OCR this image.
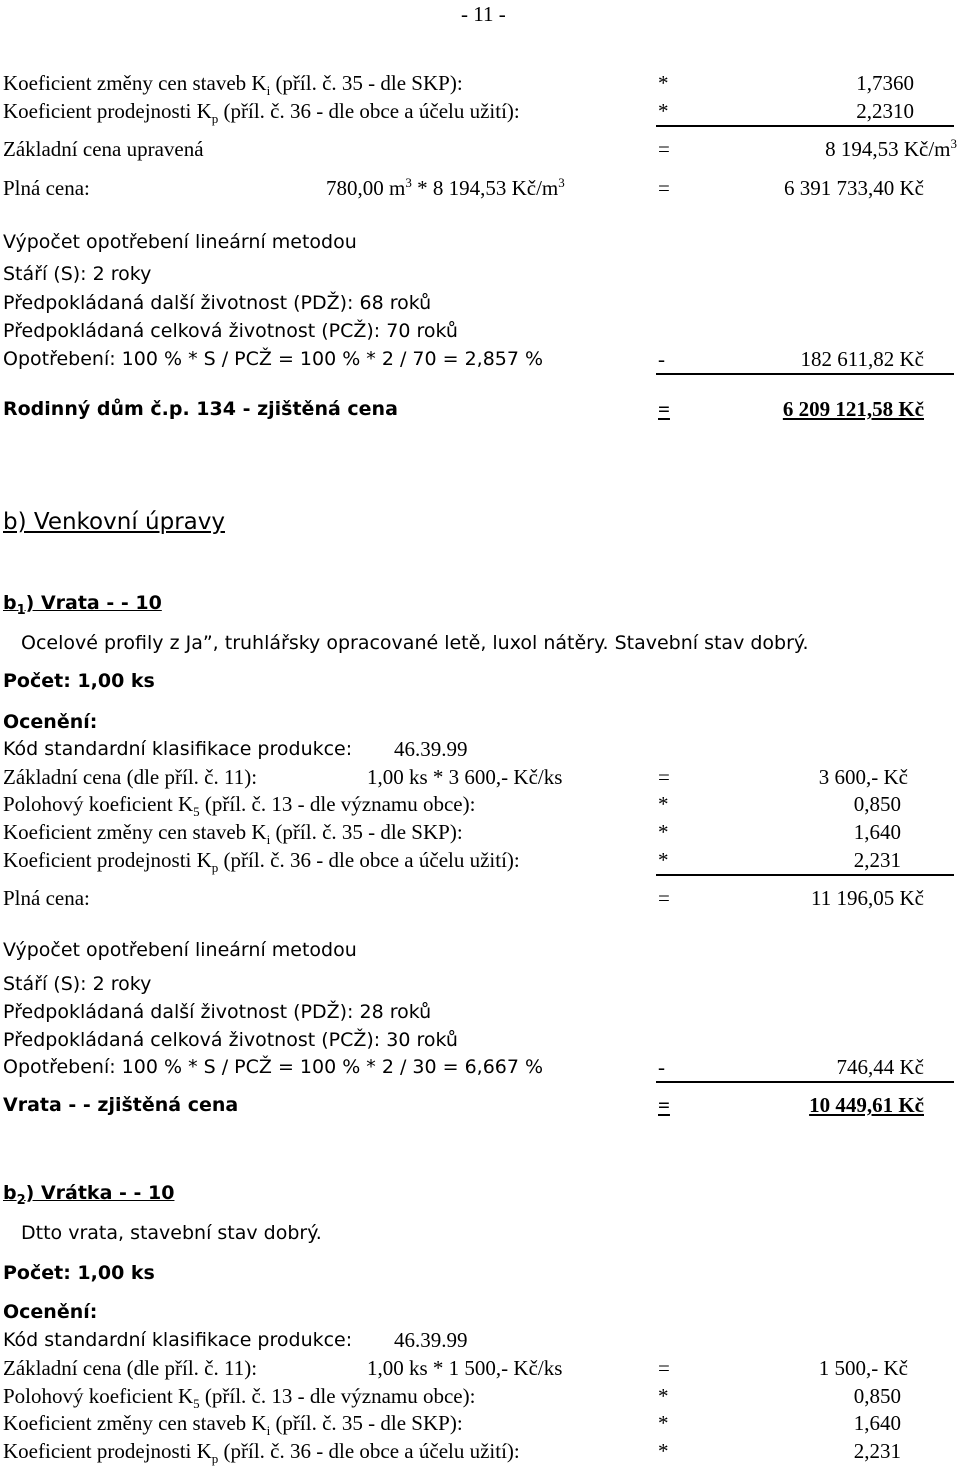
- 11 -
Koeficient změny cen staveb $K_i$ (příl. č. 35 - dle SKP):	*	1,7360
Koeficient prodejnosti $K_p$ (příl. č. 36 - dle obce a účelu užití):	*	2,2310
Základní cena upravená	=	8 194,53 $Kč/m^3$
Plná cena:	780,00 $m^3 * 8$ 194,53 $Kč/m^3$	=	6 391 733,40 Kč
Výpočet opotřebení lineární metodou
Stáří (S): 2 roky
Předpokládaná další životnost (PDŽ): 68 roků
Předpokládaná celková životnost (PCŽ): 70 roků
Opotřebení: 100 % * S / PCŽ = 100 % * 2 / 70 = 2,857 %	-	182 611,82 Kč
Rodinný dům č.p. 134 - zjištěná cena	=	6 209 121,58 Kč
b) Venkovní úpravy
$b_1$) Vrata - - 10
Ocelové profily z Ja”, truhlářsky opracované letě, luxol nátěry. Stavební stav dobrý.
Počet: 1,00 ks
Ocenění:
Kód standardní klasifikace produkce: 46.39.99
Základní cena (dle příl. č. 11):	1,00 ks * 3 600,- Kč/ks	=	3 600,- Kč
Polohový koeficient $K_5$ (příl. č. 13 - dle významu obce):	*	0,850
Koeficient změny cen staveb $K_i$ (příl. č. 35 - dle SKP):	*	1,640
Koeficient prodejnosti $K_p$ (příl. č. 36 - dle obce a účelu užití):	*	2,231
Plná cena:	=	11 196,05 Kč
Výpočet opotřebení lineární metodou
Stáří (S): 2 roky
Předpokládaná další životnost (PDŽ): 28 roků
Předpokládaná celková životnost (PCŽ): 30 roků
Opotřebení: 100 % * S / PCŽ = 100 % * 2 / 30 = 6,667 %	-	746,44 Kč
Vrata - - zjištěná cena	=	10 449,61 Kč
$b_2$) Vrátka - - 10
Dtto vrata, stavební stav dobrý.
Počet: 1,00 ks
Ocenění:
Kód standardní klasifikace produkce: 46.39.99
Základní cena (dle příl. č. 11):	1,00 ks * 1 500,- Kč/ks	=	1 500,- Kč
Polohový koeficient $K_5$ (příl. č. 13 - dle významu obce):	*	0,850
Koeficient změny cen staveb $K_i$ (příl. č. 35 - dle SKP):	*	1,640
Koeficient prodejnosti $K_p$ (příl. č. 36 - dle obce a účelu užití):	*	2,231
